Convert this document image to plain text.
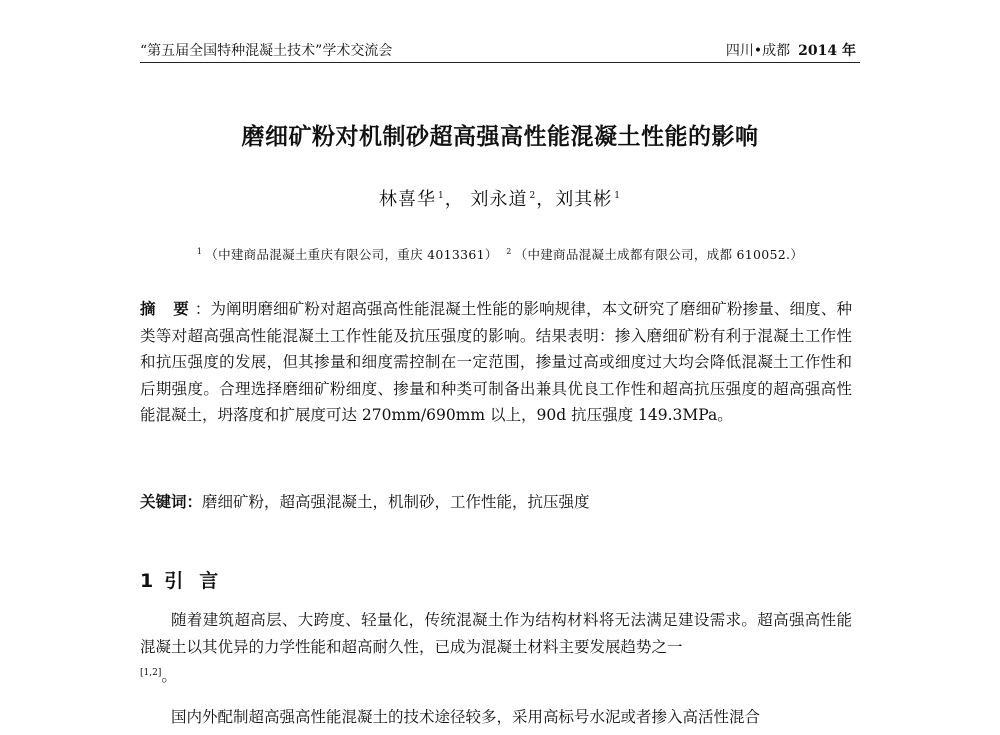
“第五届全国特种混凝土技术”学术交流会	四川•成都 2014 年
磨细矿粉对机制砂超高强高性能混凝土性能的影响
林喜华 $^1$， 刘永道 $^2$，刘其彬 $^1$
$^1$ （中建商品混凝土重庆有限公司，重庆 4013361） $^2$ （中建商品混凝土成都有限公司，成都 610052.）
摘 要：为阐明磨细矿粉对超高强高性能混凝土性能的影响规律，本文研究了磨细矿粉掺量、细度、种类等对超高强高性能混凝土工作性能及抗压强度的影响。结果表明：掺入磨细矿粉有利于混凝土工作性和抗压强度的发展，但其掺量和细度需控制在一定范围，掺量过高或细度过大均会降低混凝土工作性和后期强度。合理选择磨细矿粉细度、掺量和种类可制备出兼具优良工作性和超高抗压强度的超高强高性能混凝土，坍落度和扩展度可达 270mm/690mm 以上，90d 抗压强度 149.3MPa。
关键词：磨细矿粉，超高强混凝土，机制砂，工作性能，抗压强度
1 引言
随着建筑超高层、大跨度、轻量化，传统混凝土作为结构材料将无法满足建设需求。超高强高性能混凝土以其优异的力学性能和超高耐久性，已成为混凝土材料主要发展趋势之一
[1,2]。
国内外配制超高强高性能混凝土的技术途径较多，采用高标号水泥或者掺入高活性混合
